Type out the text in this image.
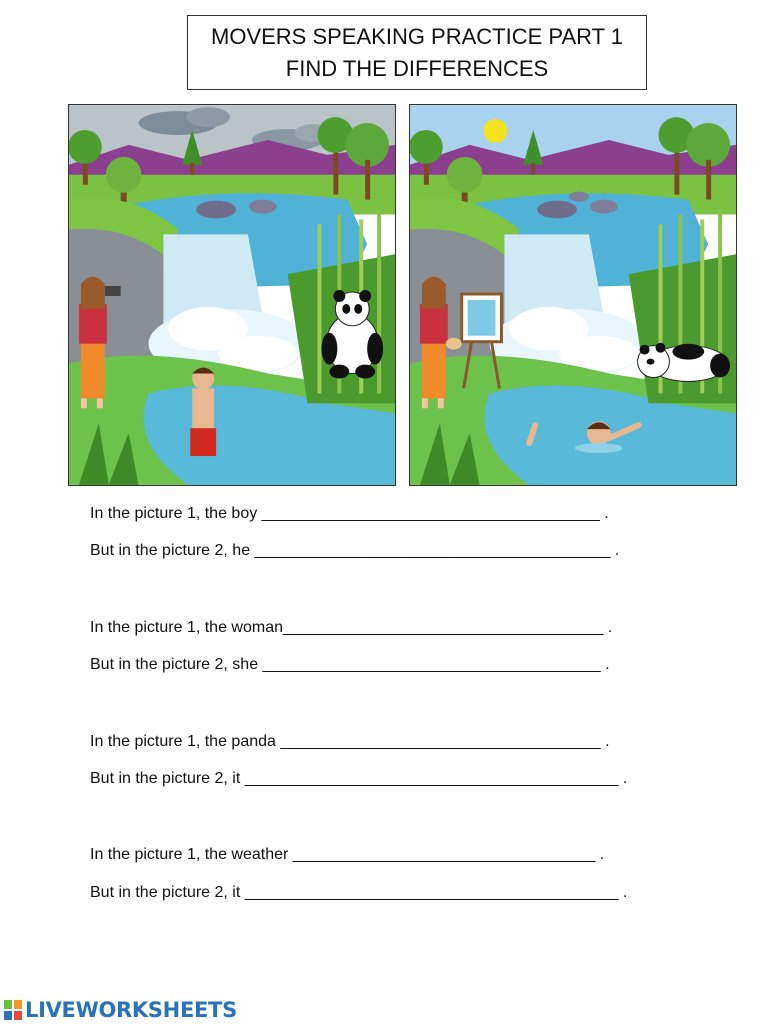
MOVERS SPEAKING PRACTICE PART 1
FIND THE DIFFERENCES
In the picture 1, the boy ______________________________________ .
But in the picture 2, he ________________________________________ .
In the picture 1, the woman____________________________________ .
But in the picture 2, she ______________________________________ .
In the picture 1, the panda ____________________________________ .
But in the picture 2, it __________________________________________ .
In the picture 1, the weather __________________________________ .
But in the picture 2, it __________________________________________ .
LIVEWORKSHEETS
